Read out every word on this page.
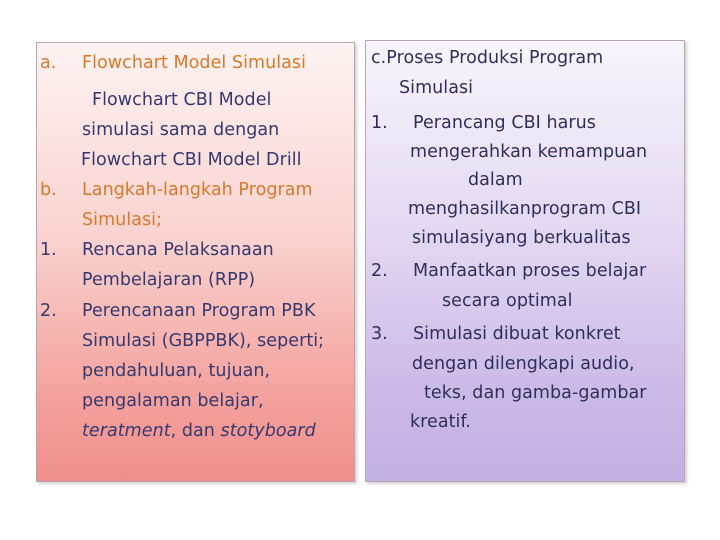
a. Flowchart Model Simulasi

Flowchart CBI Model

simulasi sama dengan

Flowchart CBI Model Drill

b. Langkah-langkah Program

Simulasi;

1. Rencana Pelaksanaan

Pembelajaran (RPP)

2. Perencanaan Program PBK

Simulasi (GBPPBK), seperti;

pendahuluan, tujuan,

pengalaman belajar,

teratment, dan stotyboard

c.Proses Produksi Program

Simulasi

1. Perancang CBI harus

mengerahkan kemampuan

dalam

menghasilkanprogram CBI

simulasiyang berkualitas

2. Manfaatkan proses belajar

secara optimal

3. Simulasi dibuat konkret

dengan dilengkapi audio,

teks, dan gamba-gambar

kreatif.
